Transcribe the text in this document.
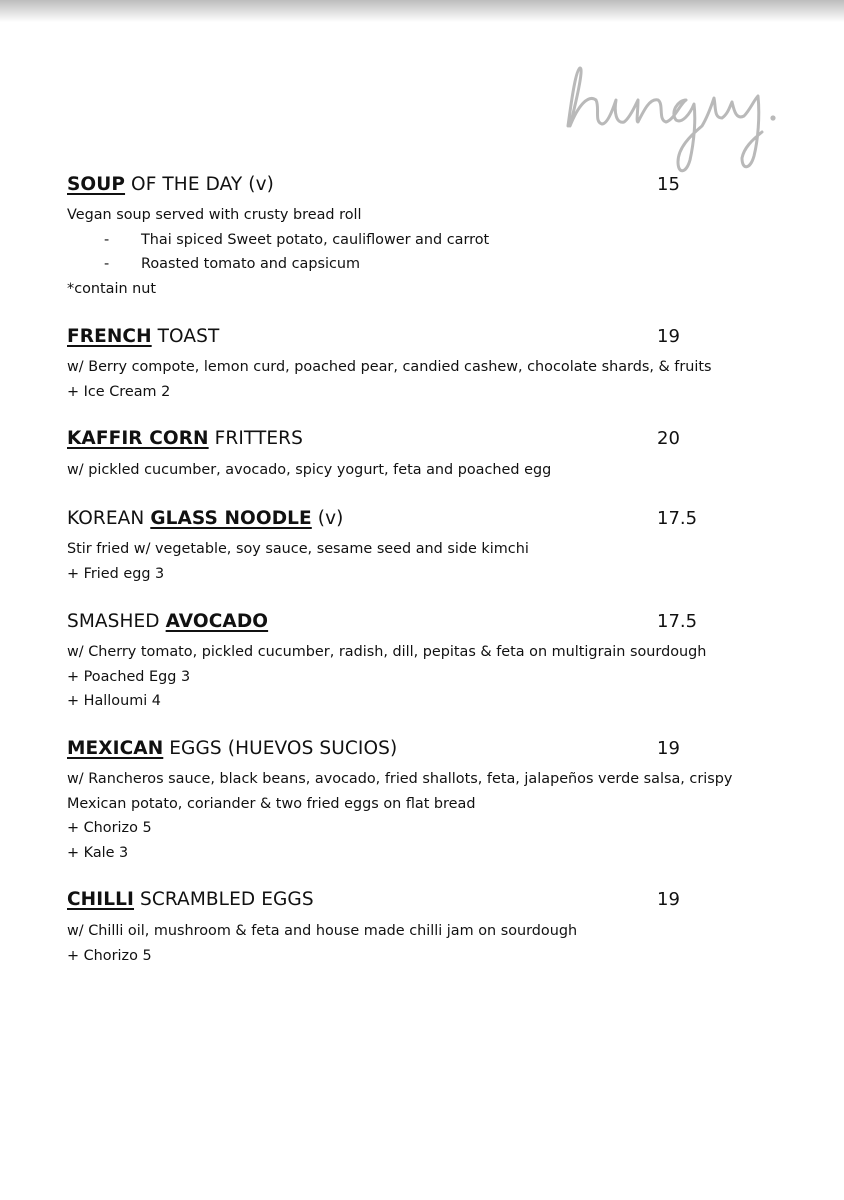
SOUP OF THE DAY (v)	15
Vegan soup served with crusty bread roll
- Thai spiced Sweet potato, cauliflower and carrot
- Roasted tomato and capsicum
*contain nut
FRENCH TOAST	19
w/ Berry compote, lemon curd, poached pear, candied cashew, chocolate shards, & fruits
+ Ice Cream 2
KAFFIR CORN FRITTERS	20
w/ pickled cucumber, avocado, spicy yogurt, feta and poached egg
KOREAN GLASS NOODLE (v)	17.5
Stir fried w/ vegetable, soy sauce, sesame seed and side kimchi
+ Fried egg 3
SMASHED AVOCADO	17.5
w/ Cherry tomato, pickled cucumber, radish, dill, pepitas & feta on multigrain sourdough
+ Poached Egg 3
+ Halloumi 4
MEXICAN EGGS (HUEVOS SUCIOS)	19
w/ Rancheros sauce, black beans, avocado, fried shallots, feta, jalapeños verde salsa, crispy
Mexican potato, coriander & two fried eggs on flat bread
+ Chorizo 5
+ Kale 3
CHILLI SCRAMBLED EGGS	19
w/ Chilli oil, mushroom & feta and house made chilli jam on sourdough
+ Chorizo 5
